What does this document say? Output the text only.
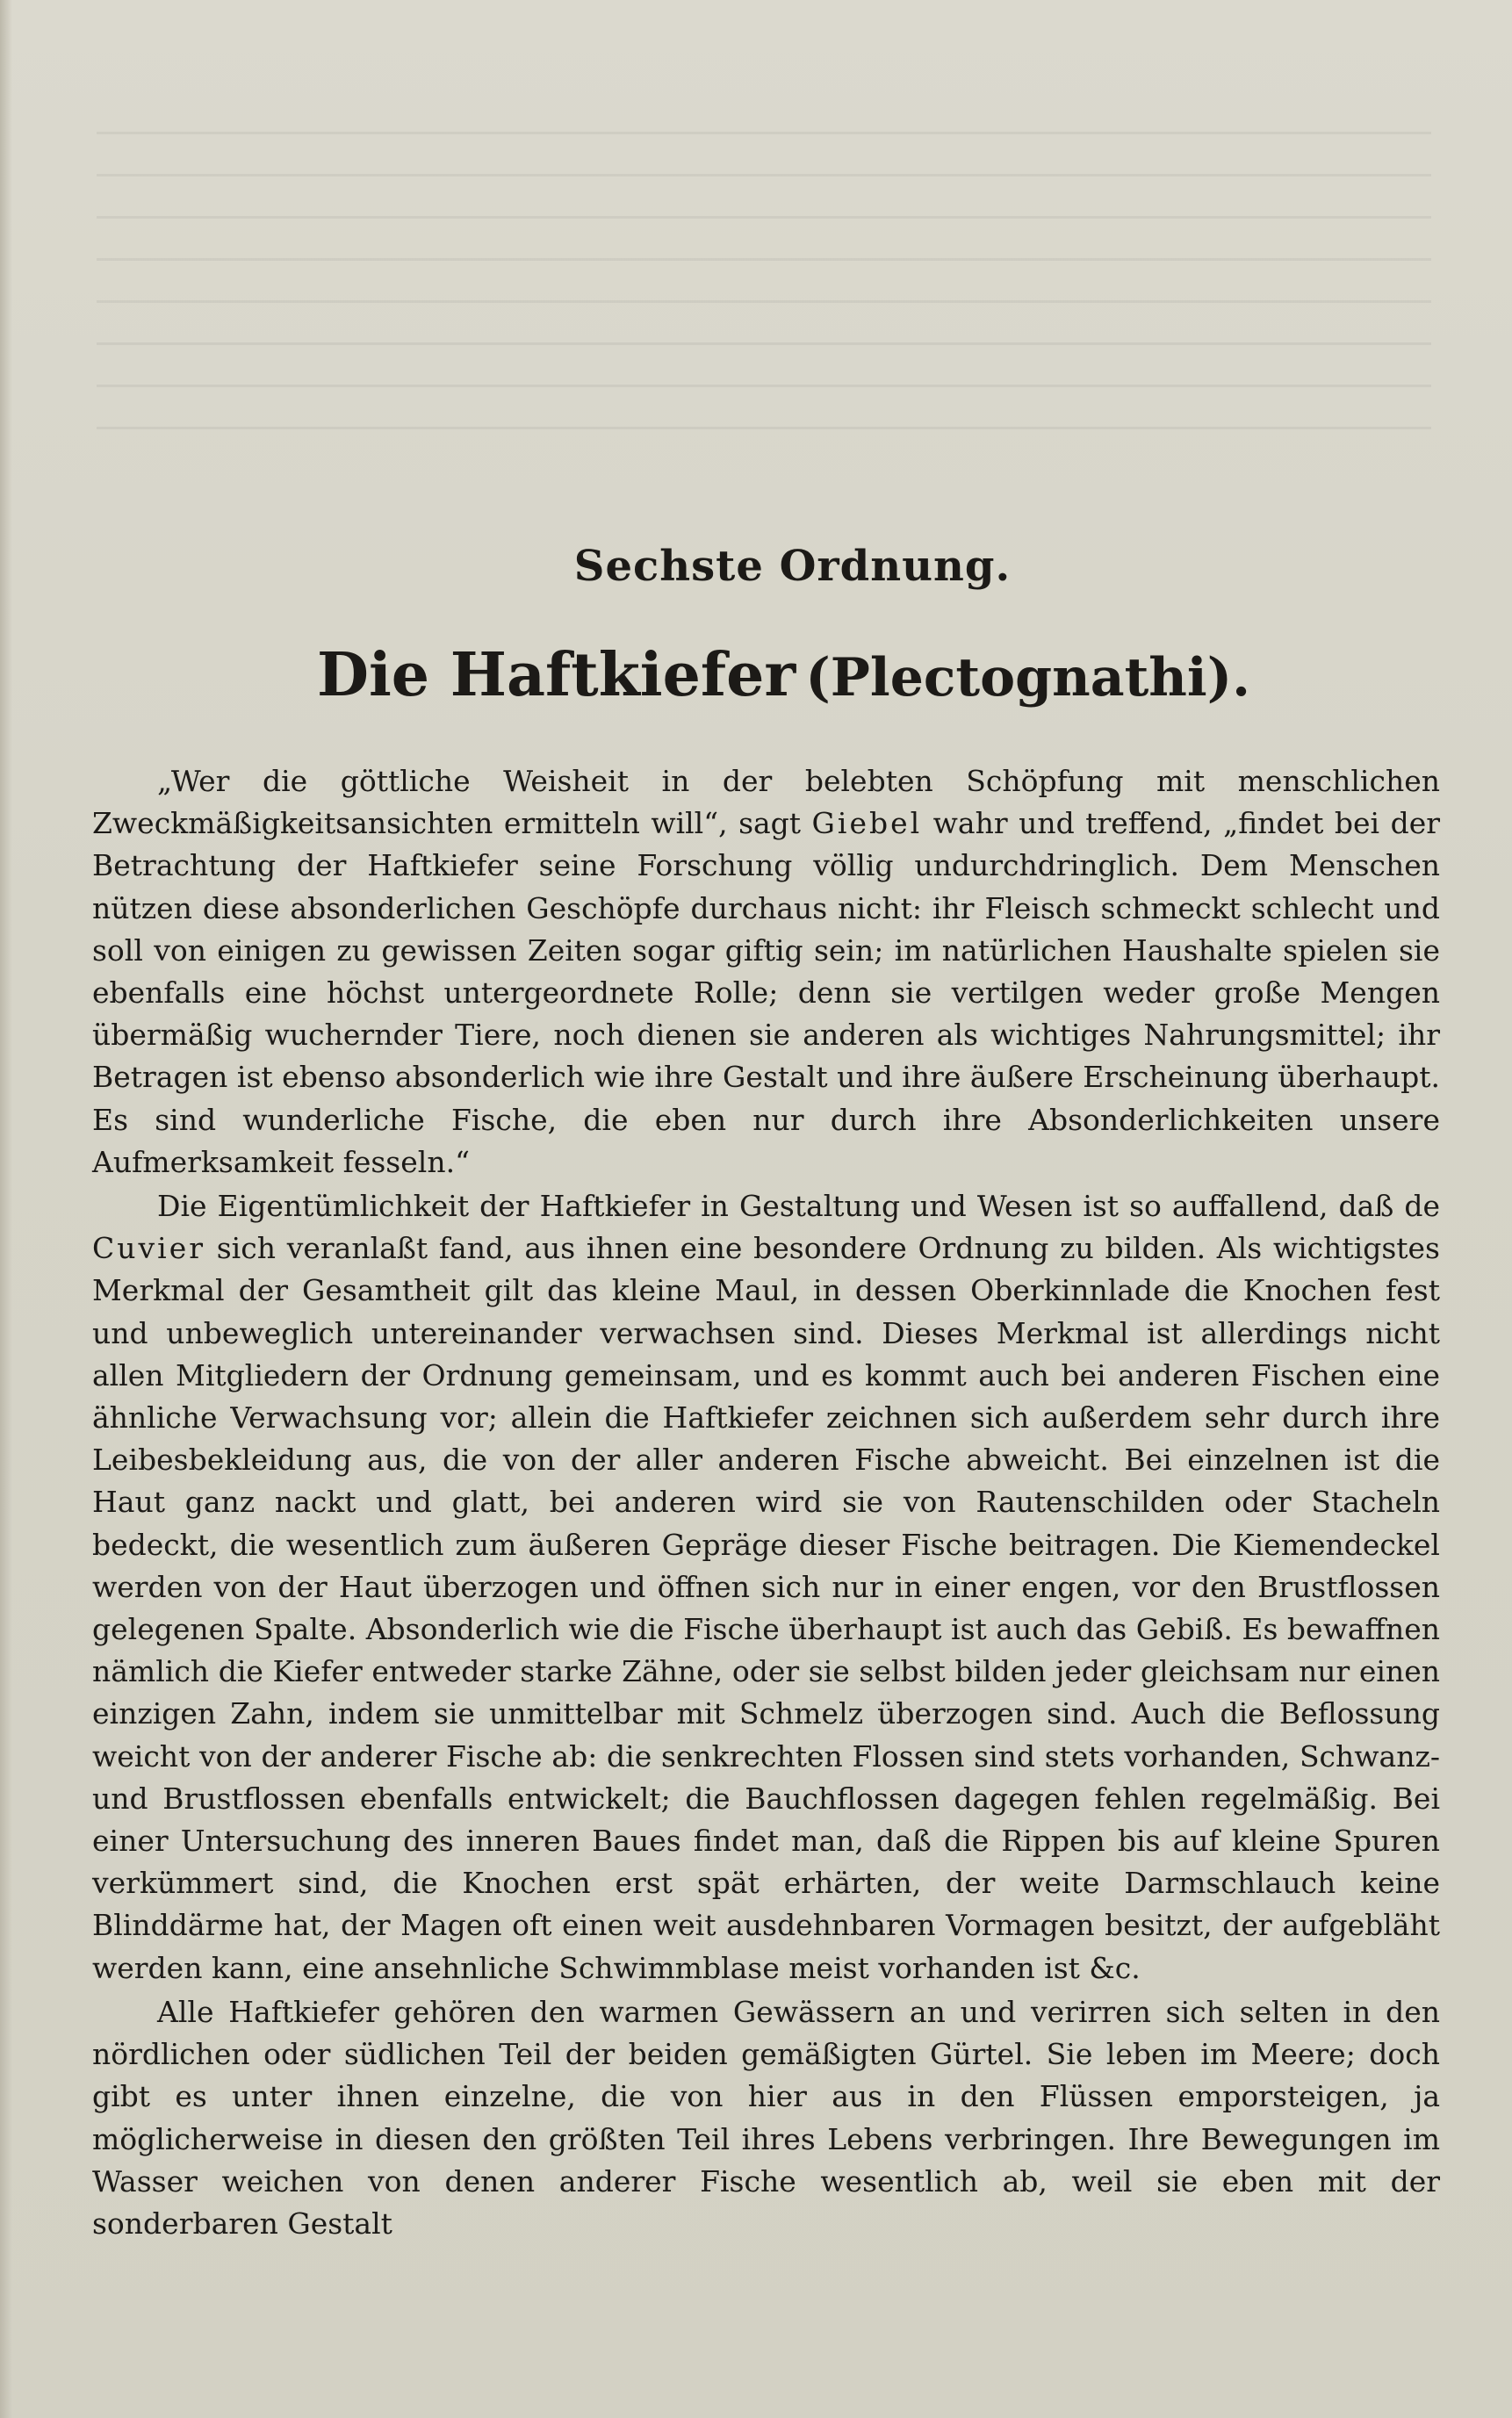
Sechste Ordnung.
Die Haftkiefer (Plectognathi).

„Wer die göttliche Weisheit in der belebten Schöpfung mit menschlichen Zweckmäßigkeitsansichten ermitteln will“, sagt Giebel wahr und treffend, „findet bei der Betrachtung der Haftkiefer seine Forschung völlig undurchdringlich. Dem Menschen nützen diese absonderlichen Geschöpfe durchaus nicht: ihr Fleisch schmeckt schlecht und soll von einigen zu gewissen Zeiten sogar giftig sein; im natürlichen Haushalte spielen sie ebenfalls eine höchst untergeordnete Rolle; denn sie vertilgen weder große Mengen übermäßig wuchernder Tiere, noch dienen sie anderen als wichtiges Nahrungsmittel; ihr Betragen ist ebenso absonderlich wie ihre Gestalt und ihre äußere Erscheinung überhaupt. Es sind wunderliche Fische, die eben nur durch ihre Absonderlichkeiten unsere Aufmerksamkeit fesseln.“

Die Eigentümlichkeit der Haftkiefer in Gestaltung und Wesen ist so auffallend, daß de Cuvier sich veranlaßt fand, aus ihnen eine besondere Ordnung zu bilden. Als wichtigstes Merkmal der Gesamtheit gilt das kleine Maul, in dessen Oberkinnlade die Knochen fest und unbeweglich untereinander verwachsen sind. Dieses Merkmal ist allerdings nicht allen Mitgliedern der Ordnung gemeinsam, und es kommt auch bei anderen Fischen eine ähnliche Verwachsung vor; allein die Haftkiefer zeichnen sich außerdem sehr durch ihre Leibesbekleidung aus, die von der aller anderen Fische abweicht. Bei einzelnen ist die Haut ganz nackt und glatt, bei anderen wird sie von Rautenschilden oder Stacheln bedeckt, die wesentlich zum äußeren Gepräge dieser Fische beitragen. Die Kiemendeckel werden von der Haut überzogen und öffnen sich nur in einer engen, vor den Brustflossen gelegenen Spalte. Absonderlich wie die Fische überhaupt ist auch das Gebiß. Es bewaffnen nämlich die Kiefer entweder starke Zähne, oder sie selbst bilden jeder gleichsam nur einen einzigen Zahn, indem sie unmittelbar mit Schmelz überzogen sind. Auch die Beflossung weicht von der anderer Fische ab: die senkrechten Flossen sind stets vorhanden, Schwanz- und Brustflossen ebenfalls entwickelt; die Bauchflossen dagegen fehlen regelmäßig. Bei einer Untersuchung des inneren Baues findet man, daß die Rippen bis auf kleine Spuren verkümmert sind, die Knochen erst spät erhärten, der weite Darmschlauch keine Blinddärme hat, der Magen oft einen weit ausdehnbaren Vormagen besitzt, der aufgebläht werden kann, eine ansehnliche Schwimmblase meist vorhanden ist &c.

Alle Haftkiefer gehören den warmen Gewässern an und verirren sich selten in den nördlichen oder südlichen Teil der beiden gemäßigten Gürtel. Sie leben im Meere; doch gibt es unter ihnen einzelne, die von hier aus in den Flüssen emporsteigen, ja möglicherweise in diesen den größten Teil ihres Lebens verbringen. Ihre Bewegungen im Wasser weichen von denen anderer Fische wesentlich ab, weil sie eben mit der sonderbaren Gestalt
